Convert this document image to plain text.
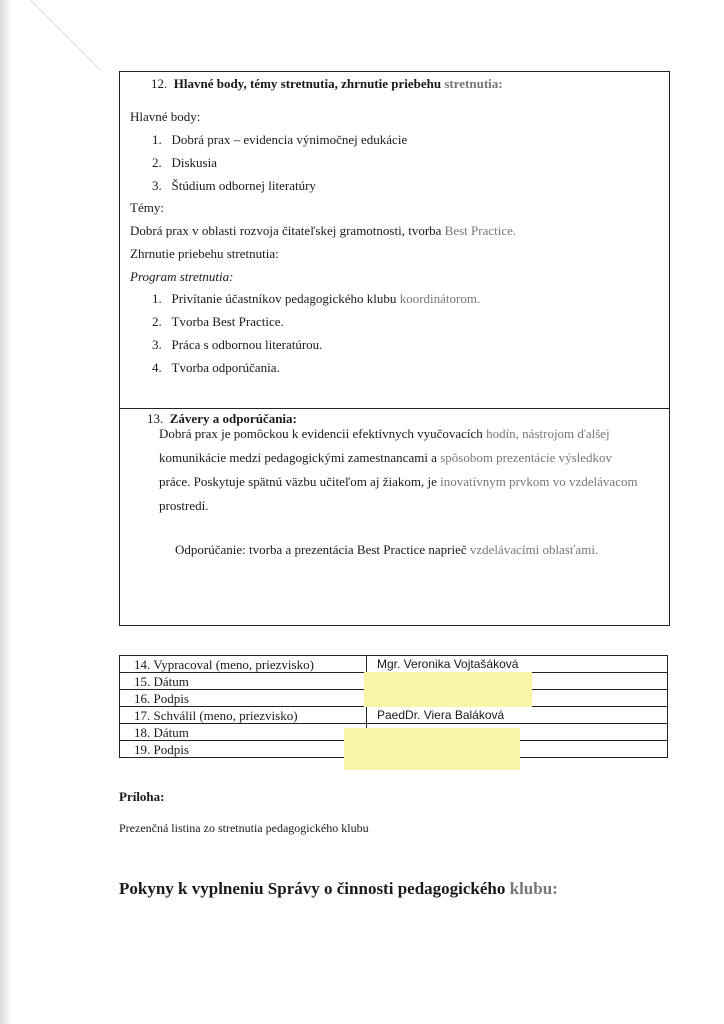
12. Hlavné body, témy stretnutia, zhrnutie priebehu stretnutia:
Hlavné body:
1. Dobrá prax – evidencia výnimočnej edukácie
2. Diskusia
3. Štúdium odbornej literatúry
Témy:
Dobrá prax v oblasti rozvoja čitateľskej gramotnosti, tvorba Best Practice.
Zhrnutie priebehu stretnutia:
Program stretnutia:
1. Privítanie účastníkov pedagogického klubu koordinátorom.
2. Tvorba Best Practice.
3. Práca s odbornou literatúrou.
4. Tvorba odporúčania.
13. Závery a odporúčania:
Dobrá prax je pomôckou k evidencii efektívnych vyučovacích hodín, nástrojom ďalšej
komunikácie medzi pedagogickými zamestnancami a spôsobom prezentácie výsledkov
práce. Poskytuje spätnú väzbu učiteľom aj žiakom, je inovatívnym prvkom vo vzdelávacom
prostredí.
Odporúčanie: tvorba a prezentácia Best Practice naprieč vzdelávacími oblasťami.
14. Vypracoval (meno, priezvisko)	Mgr. Veronika Vojtašáková
15. Dátum	
16. Podpis	
17. Schválil (meno, priezvisko)	PaedDr. Viera Baláková
18. Dátum	
19. Podpis	
Príloha:
Prezenčná listina zo stretnutia pedagogického klubu
Pokyny k vyplneniu Správy o činnosti pedagogického klubu:
